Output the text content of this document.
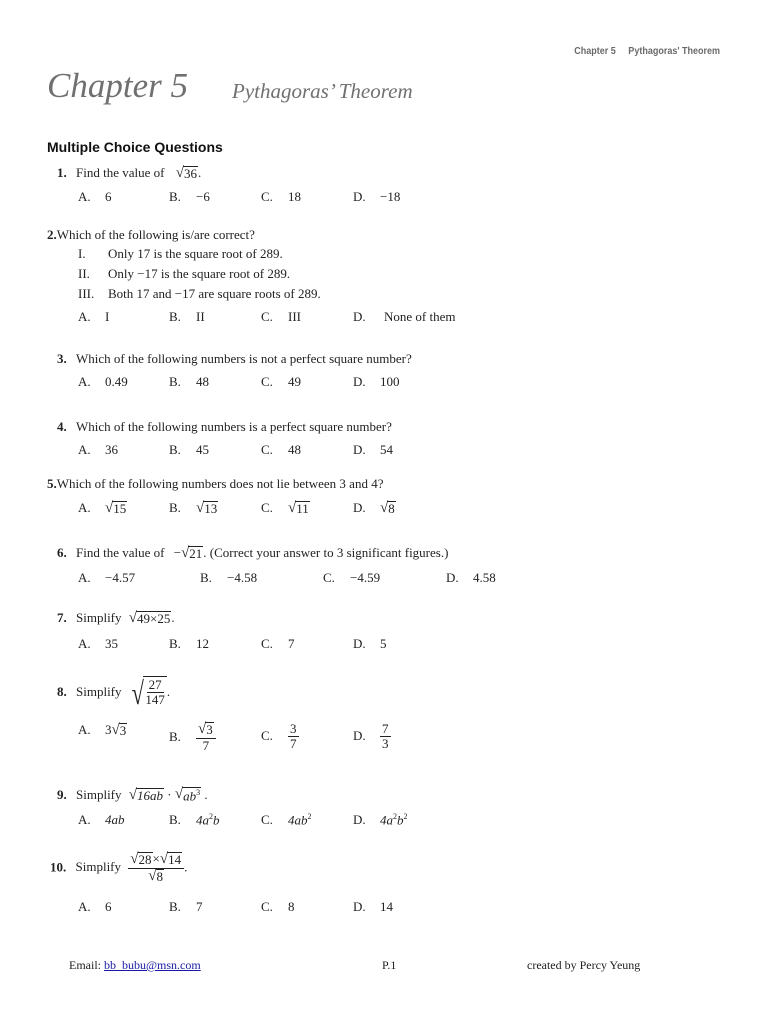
Chapter 5 Pythagoras' Theorem
Chapter 5 Pythagoras’ Theorem
Multiple Choice Questions
1. Find the value of √ 36 .
A. 6	B. −6	C. 18	D. −18
2.Which of the following is/are correct?
I. Only 17 is the square root of 289.
II. Only −17 is the square root of 289.
III. Both 17 and −17 are square roots of 289.
A. I	B. II	C. III	D. None of them
3. Which of the following numbers is not a perfect square number?
A. 0.49	B. 48	C. 49	D. 100
4. Which of the following numbers is a perfect square number?
A. 36	B. 45	C. 48	D. 54
5.Which of the following numbers does not lie between 3 and 4?
A. √ 15	B. √ 13	C. √ 11	D. √ 8
6. Find the value of − √ 21 . (Correct your answer to 3 significant figures.)
A. −4.57	B. −4.58	C. −4.59	D. 4.58
7. Simplify √ 49×25 .
A. 35	B. 12	C. 7	D. 5
8. Simplify √ $\frac{27}{147}$ .
A. 3 √ 3	B. $\frac{√ 3}{7}$	C. $\frac{3}{7}$	D. $\frac{7}{3}$
9. Simplify √ 16ab · √ $ab^3$ .
A. 4ab	B. $4a^2b$	C. $4ab^2$	D. $4a^2b^2$
10. Simplify $\frac{√ 28 \times √ 14}{√ 8}$ .
A. 6	B. 7	C. 8	D. 14
Email: bb_bubu@msn.com	P.1	created by Percy Yeung
